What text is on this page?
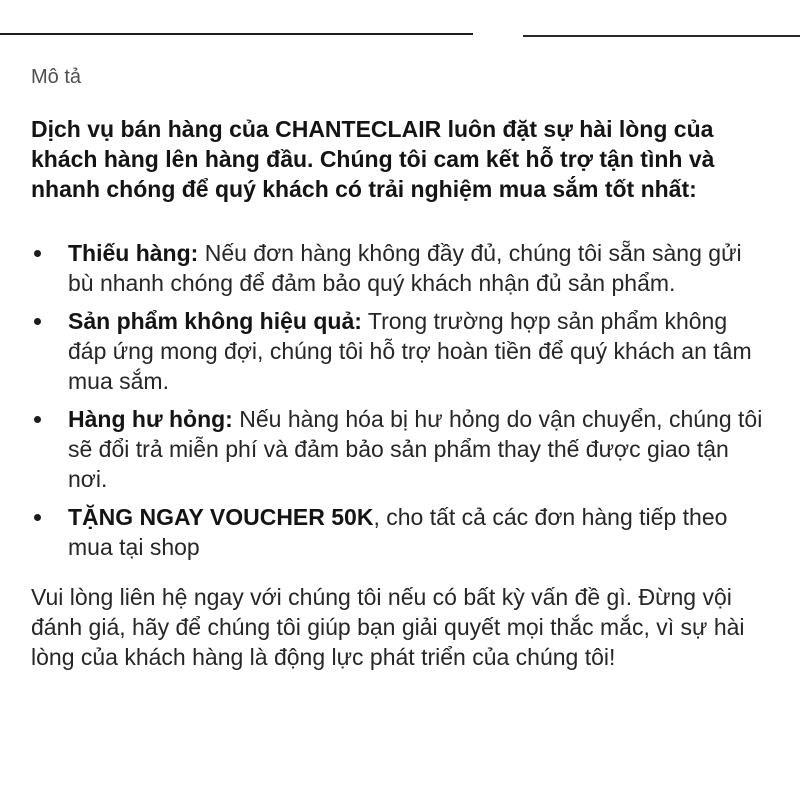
Mô tả

Dịch vụ bán hàng của CHANTECLAIR luôn đặt sự hài lòng của khách hàng lên hàng đầu. Chúng tôi cam kết hỗ trợ tận tình và nhanh chóng để quý khách có trải nghiệm mua sắm tốt nhất:

Thiếu hàng: Nếu đơn hàng không đầy đủ, chúng tôi sẵn sàng gửi bù nhanh chóng để đảm bảo quý khách nhận đủ sản phẩm.
Sản phẩm không hiệu quả: Trong trường hợp sản phẩm không đáp ứng mong đợi, chúng tôi hỗ trợ hoàn tiền để quý khách an tâm mua sắm.
Hàng hư hỏng: Nếu hàng hóa bị hư hỏng do vận chuyển, chúng tôi sẽ đổi trả miễn phí và đảm bảo sản phẩm thay thế được giao tận nơi.
TẶNG NGAY VOUCHER 50K, cho tất cả các đơn hàng tiếp theo mua tại shop

Vui lòng liên hệ ngay với chúng tôi nếu có bất kỳ vấn đề gì. Đừng vội đánh giá, hãy để chúng tôi giúp bạn giải quyết mọi thắc mắc, vì sự hài lòng của khách hàng là động lực phát triển của chúng tôi!
